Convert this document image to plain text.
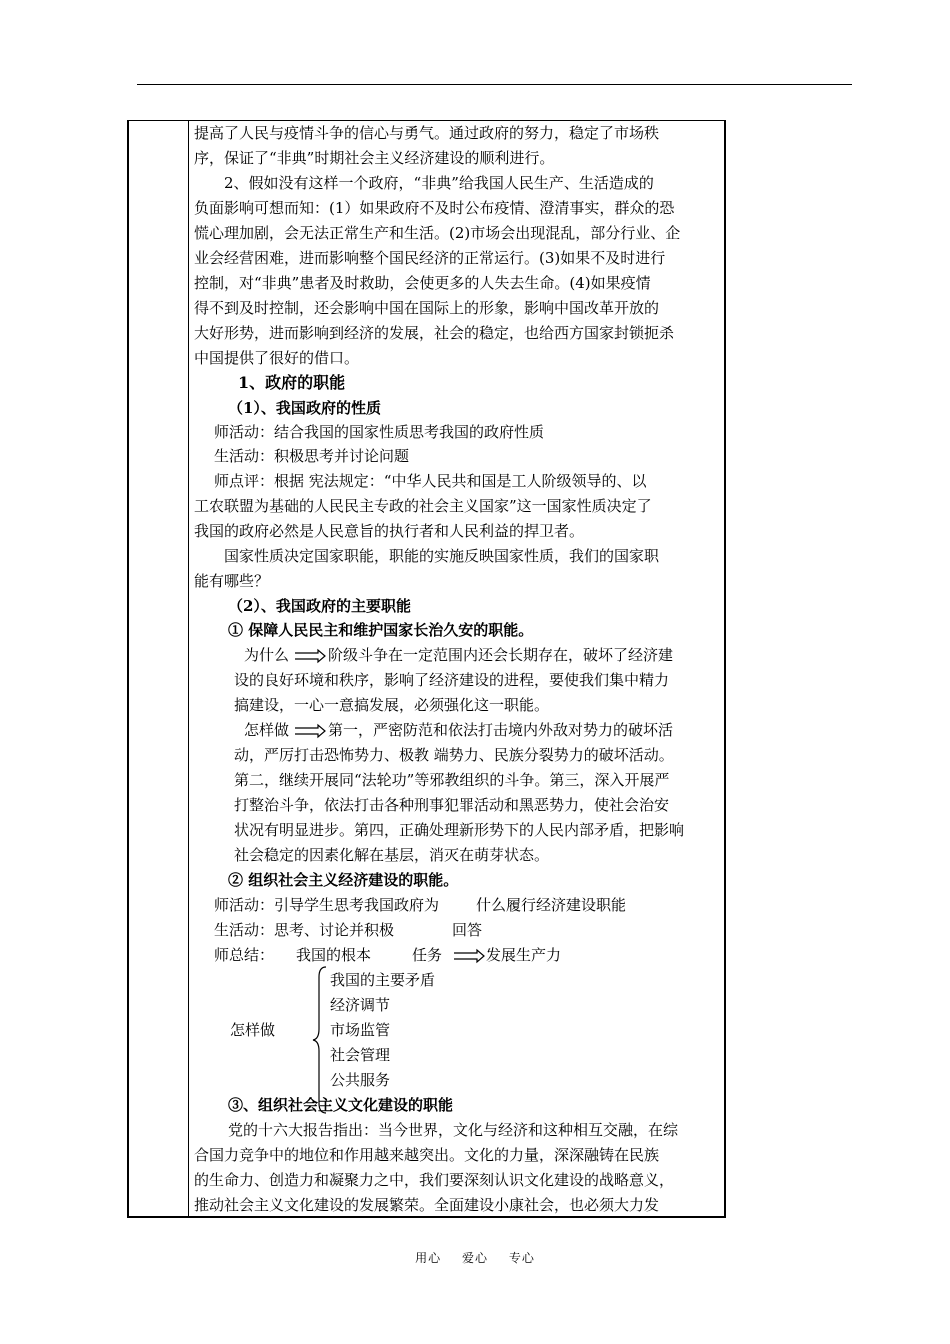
提高了人民与疫情斗争的信心与勇气。通过政府的努力，稳定了市场秩
序，保证了“非典”时期社会主义经济建设的顺利进行。
2、假如没有这样一个政府，“非典”给我国人民生产、生活造成的
负面影响可想而知：(1）如果政府不及时公布疫情、澄清事实，群众的恐
慌心理加剧，会无法正常生产和生活。(2)市场会出现混乱，部分行业、企
业会经营困难，进而影响整个国民经济的正常运行。(3)如果不及时进行
控制，对“非典”患者及时救助，会使更多的人失去生命。(4)如果疫情
得不到及时控制，还会影响中国在国际上的形象，影响中国改革开放的
大好形势，进而影响到经济的发展，社会的稳定，也给西方国家封锁扼杀
中国提供了很好的借口。
1、政府的职能
（1）、我国政府的性质
师活动：结合我国的国家性质思考我国的政府性质
生活动：积极思考并讨论问题
师点评：根据 宪法规定：“中华人民共和国是工人阶级领导的、以
工农联盟为基础的人民民主专政的社会主义国家”这一国家性质决定了
我国的政府必然是人民意旨的执行者和人民利益的捍卫者。
国家性质决定国家职能，职能的实施反映国家性质，我们的国家职
能有哪些？
（2）、我国政府的主要职能
① 保障人民民主和维护国家长治久安的职能。
为什么	阶级斗争在一定范围内还会长期存在，破坏了经济建
设的良好环境和秩序，影响了经济建设的进程，要使我们集中精力
搞建设，一心一意搞发展，必须强化这一职能。
怎样做	第一，严密防范和依法打击境内外敌对势力的破坏活
动，严厉打击恐怖势力、极教 端势力、民族分裂势力的破坏活动。
第二，继续开展同“法轮功”等邪教组织的斗争。第三，深入开展严
打整治斗争，依法打击各种刑事犯罪活动和黑恶势力，使社会治安
状况有明显进步。第四，正确处理新形势下的人民内部矛盾，把影响
社会稳定的因素化解在基层，消灭在萌芽状态。
② 组织社会主义经济建设的职能。
师活动：引导学生思考我国政府为 什么履行经济建设职能
生活动：思考、讨论并积极	回答
师总结： 我国的根本	任务	发展生产力
怎样做
我国的主要矛盾
经济调节
市场监管
社会管理
公共服务
③、组织社会主义文化建设的职能
党的十六大报告指出：当今世界，文化与经济和这种相互交融，在综
合国力竞争中的地位和作用越来越突出。文化的力量，深深融铸在民族
的生命力、创造力和凝聚力之中，我们要深刻认识文化建设的战略意义，
推动社会主义文化建设的发展繁荣。全面建设小康社会，也必须大力发
用心 爱心 专心
